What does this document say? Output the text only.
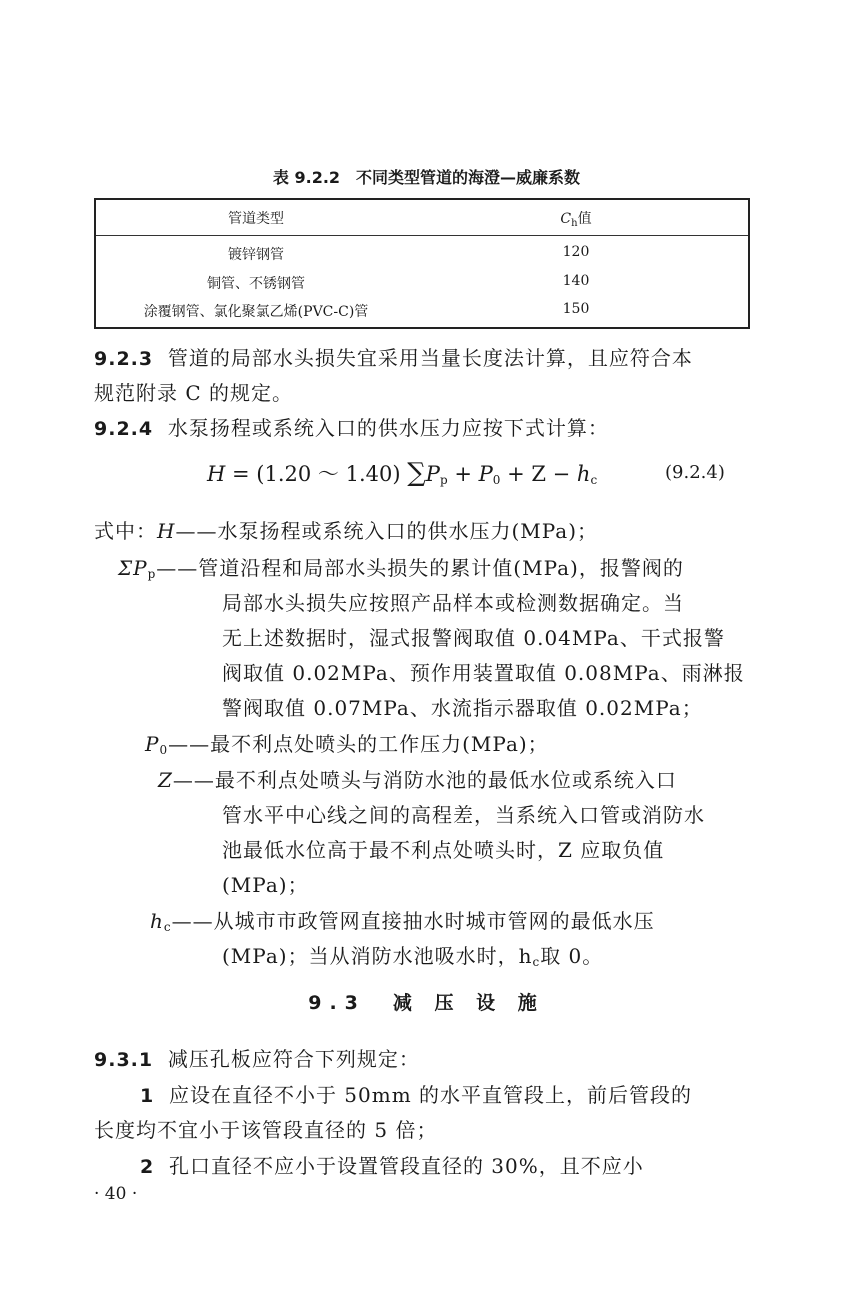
表 9.2.2　不同类型管道的海澄—威廉系数
管道类型	$C_h$值
镀锌钢管	120
铜管、不锈钢管	140
涂覆钢管、氯化聚氯乙烯(PVC-C)管	150
9.2.3 管道的局部水头损失宜采用当量长度法计算，且应符合本
规范附录 C 的规定。
9.2.4 水泵扬程或系统入口的供水压力应按下式计算：
H = (1.20 ～ 1.40) $\sum P_p + P_0 + Z - h_c$	(9.2.4)
式中：H——水泵扬程或系统入口的供水压力(MPa)；
$\Sigma P_p——$管道沿程和局部水头损失的累计值(MPa)，报警阀的
局部水头损失应按照产品样本或检测数据确定。当
无上述数据时，湿式报警阀取值 0.04MPa、干式报警
阀取值 0.02MPa、预作用装置取值 0.08MPa、雨淋报
警阀取值 0.07MPa、水流指示器取值 0.02MPa；
$P_0——$最不利点处喷头的工作压力(MPa)；
Z——最不利点处喷头与消防水池的最低水位或系统入口
管水平中心线之间的高程差，当系统入口管或消防水
池最低水位高于最不利点处喷头时，Z 应取负值
(MPa)；
$h_c——$从城市市政管网直接抽水时城市管网的最低水压
(MPa)；当从消防水池吸水时，$h_c$取 0。
9.3　减 压 设 施
9.3.1 减压孔板应符合下列规定：
1 应设在直径不小于 50mm 的水平直管段上，前后管段的
长度均不宜小于该管段直径的 5 倍；
2 孔口直径不应小于设置管段直径的 30%，且不应小
· 40 ·
